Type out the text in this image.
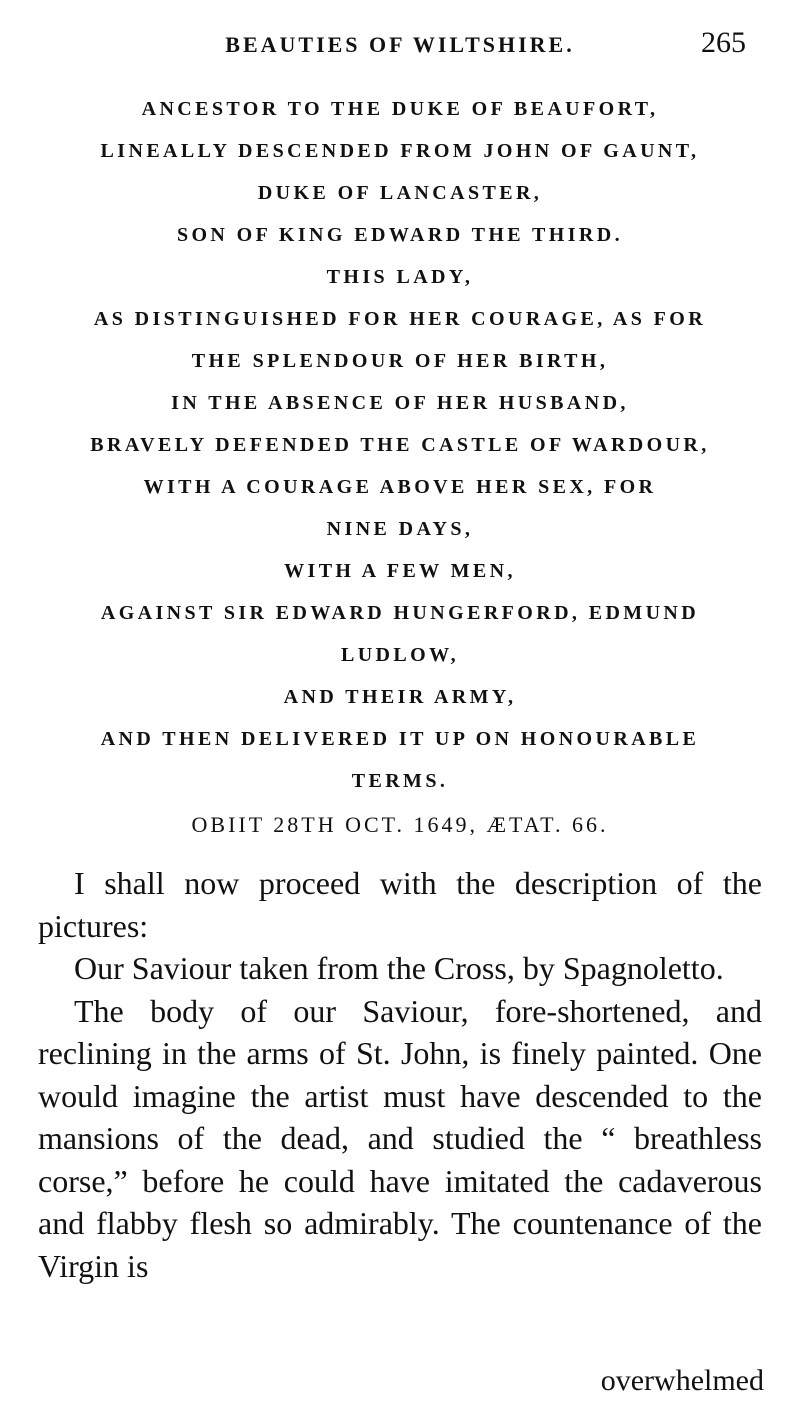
BEAUTIES OF WILTSHIRE.	265
ANCESTOR TO THE DUKE OF BEAUFORT,
LINEALLY DESCENDED FROM JOHN OF GAUNT,
DUKE OF LANCASTER,
SON OF KING EDWARD THE THIRD.
THIS LADY,
AS DISTINGUISHED FOR HER COURAGE, AS FOR
THE SPLENDOUR OF HER BIRTH,
IN THE ABSENCE OF HER HUSBAND,
BRAVELY DEFENDED THE CASTLE OF WARDOUR,
WITH A COURAGE ABOVE HER SEX, FOR
NINE DAYS,
WITH A FEW MEN,
AGAINST SIR EDWARD HUNGERFORD, EDMUND
LUDLOW,
AND THEIR ARMY,
AND THEN DELIVERED IT UP ON HONOURABLE
TERMS.
OBIIT 28TH OCT. 1649, ÆTAT. 66.

I shall now proceed with the description of the pictures:

Our Saviour taken from the Cross, by Spagnoletto.

The body of our Saviour, fore-shortened, and reclining in the arms of St. John, is finely painted. One would imagine the artist must have descended to the mansions of the dead, and studied the “ breathless corse,” before he could have imitated the cadaverous and flabby flesh so admirably. The countenance of the Virgin is

overwhelmed
